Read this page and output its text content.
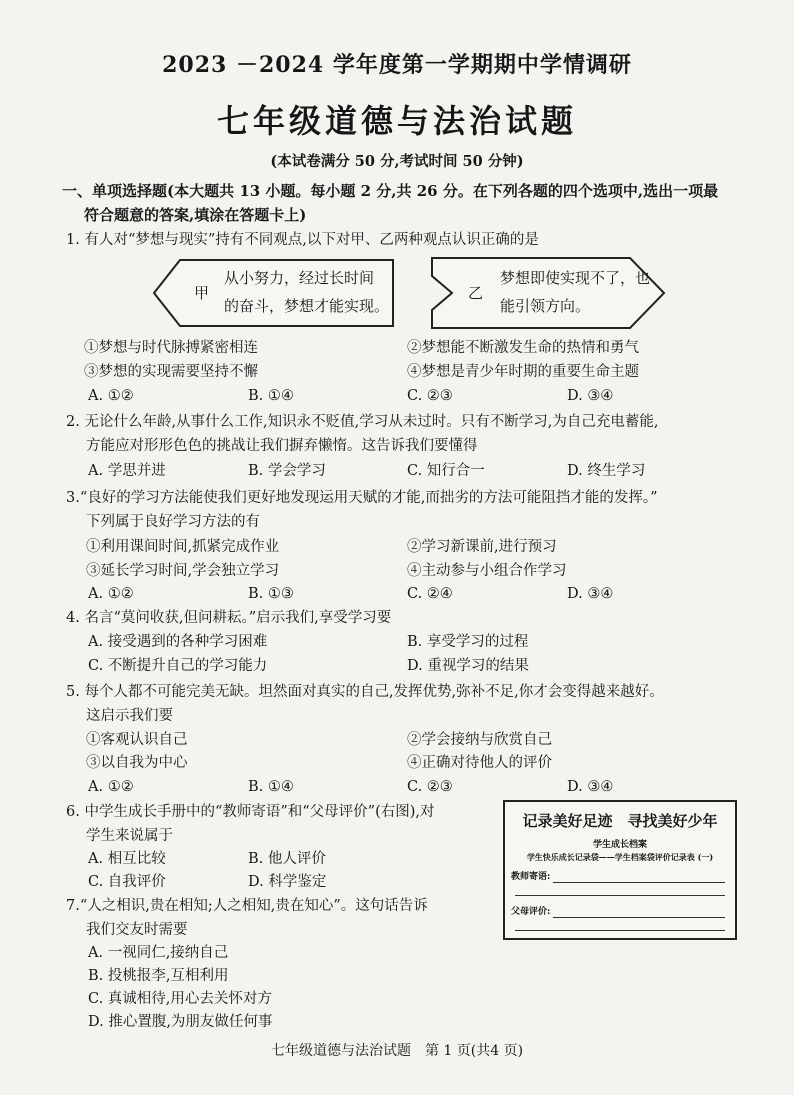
2023 －2024 学年度第一学期期中学情调研
七年级道德与法治试题
(本试卷满分 50 分,考试时间 50 分钟)
一、单项选择题(本大题共 13 小题。每小题 2 分,共 26 分。在下列各题的四个选项中,选出一项最
符合题意的答案,填涂在答题卡上)
1. 有人对“梦想与现实”持有不同观点,以下对甲、乙两种观点认识正确的是
甲
从小努力，经过长时间
的奋斗，梦想才能实现。
乙
梦想即使实现不了，也
能引领方向。
①梦想与时代脉搏紧密相连	②梦想能不断激发生命的热情和勇气
③梦想的实现需要坚持不懈	④梦想是青少年时期的重要生命主题
A. ①②	B. ①④	C. ②③	D. ③④
2. 无论什么年龄,从事什么工作,知识永不贬值,学习从未过时。只有不断学习,为自己充电蓄能,
方能应对形形色色的挑战让我们摒弃懒惰。这告诉我们要懂得
A. 学思并进	B. 学会学习	C. 知行合一	D. 终生学习
3.“良好的学习方法能使我们更好地发现运用天赋的才能,而拙劣的方法可能阻挡才能的发挥。”
下列属于良好学习方法的有
①利用课间时间,抓紧完成作业	②学习新课前,进行预习
③延长学习时间,学会独立学习	④主动参与小组合作学习
A. ①②	B. ①③	C. ②④	D. ③④
4. 名言“莫问收获,但问耕耘。”启示我们,享受学习要
A. 接受遇到的各种学习困难	B. 享受学习的过程
C. 不断提升自己的学习能力	D. 重视学习的结果
5. 每个人都不可能完美无缺。坦然面对真实的自己,发挥优势,弥补不足,你才会变得越来越好。
这启示我们要
①客观认识自己	②学会接纳与欣赏自己
③以自我为中心	④正确对待他人的评价
A. ①②	B. ①④	C. ②③	D. ③④
6. 中学生成长手册中的“教师寄语”和“父母评价”(右图),对
学生来说属于
A. 相互比较	B. 他人评价
C. 自我评价	D. 科学鉴定
记录美好足迹　寻找美好少年
学生成长档案
学生快乐成长记录袋——学生档案袋评价记录表 (一)
教师寄语:
父母评价:
7.“人之相识,贵在相知;人之相知,贵在知心”。这句话告诉
我们交友时需要
A. 一视同仁,接纳自己
B. 投桃报李,互相利用
C. 真诚相待,用心去关怀对方
D. 推心置腹,为朋友做任何事
七年级道德与法治试题　第 1 页(共4 页)
